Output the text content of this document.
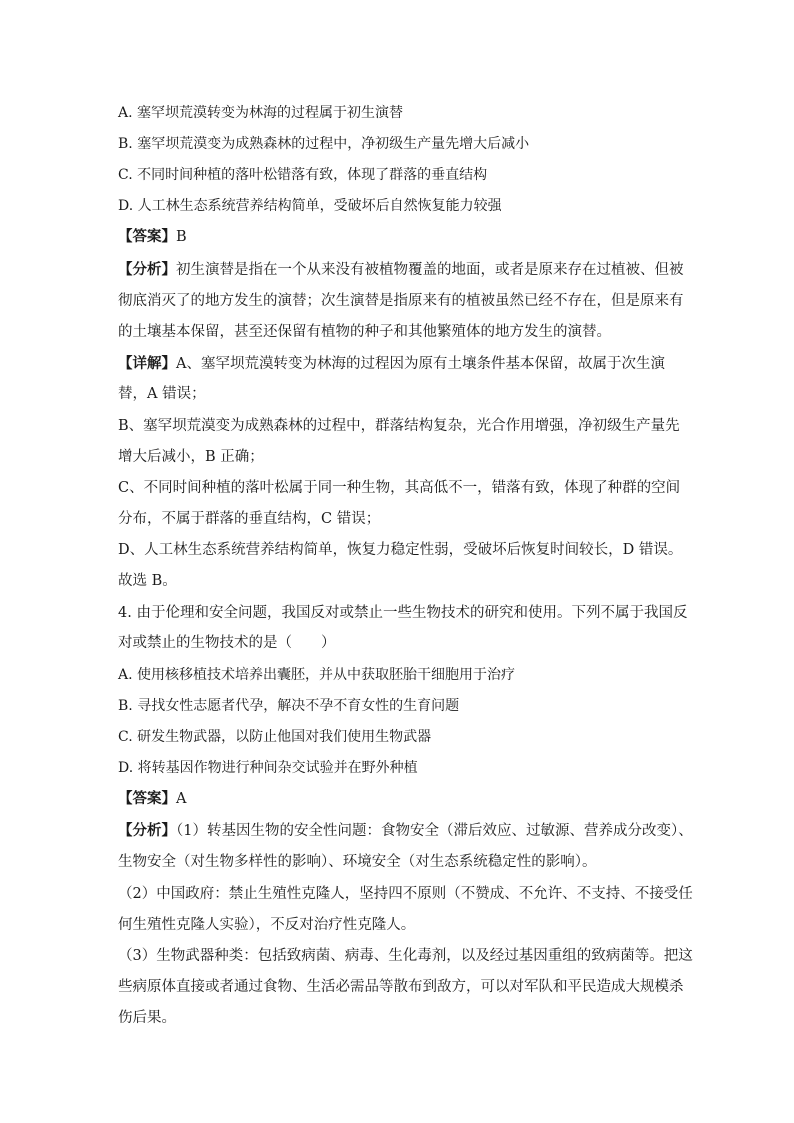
A. 塞罕坝荒漠转变为林海的过程属于初生演替
B. 塞罕坝荒漠变为成熟森林的过程中，净初级生产量先增大后减小
C. 不同时间种植的落叶松错落有致，体现了群落的垂直结构
D. 人工林生态系统营养结构简单，受破坏后自然恢复能力较强
【答案】B
【分析】初生演替是指在一个从来没有被植物覆盖的地面，或者是原来存在过植被、但被
彻底消灭了的地方发生的演替；次生演替是指原来有的植被虽然已经不存在，但是原来有
的土壤基本保留，甚至还保留有植物的种子和其他繁殖体的地方发生的演替。
【详解】A、塞罕坝荒漠转变为林海的过程因为原有土壤条件基本保留，故属于次生演
替，A 错误；
B、塞罕坝荒漠变为成熟森林的过程中，群落结构复杂，光合作用增强，净初级生产量先
增大后减小，B 正确；
C、不同时间种植的落叶松属于同一种生物，其高低不一，错落有致，体现了种群的空间
分布，不属于群落的垂直结构，C 错误；
D、人工林生态系统营养结构简单，恢复力稳定性弱，受破坏后恢复时间较长，D 错误。
故选 B。
4. 由于伦理和安全问题，我国反对或禁止一些生物技术的研究和使用。下列不属于我国反
对或禁止的生物技术的是（　　）
A. 使用核移植技术培养出囊胚，并从中获取胚胎干细胞用于治疗
B. 寻找女性志愿者代孕，解决不孕不育女性的生育问题
C. 研发生物武器，以防止他国对我们使用生物武器
D. 将转基因作物进行种间杂交试验并在野外种植
【答案】A
【分析】（1）转基因生物的安全性问题：食物安全（滞后效应、过敏源、营养成分改变）、
生物安全（对生物多样性的影响）、环境安全（对生态系统稳定性的影响）。
（2）中国政府：禁止生殖性克隆人，坚持四不原则（不赞成、不允许、不支持、不接受任
何生殖性克隆人实验），不反对治疗性克隆人。
（3）生物武器种类：包括致病菌、病毒、生化毒剂，以及经过基因重组的致病菌等。把这
些病原体直接或者通过食物、生活必需品等散布到敌方，可以对军队和平民造成大规模杀
伤后果。
